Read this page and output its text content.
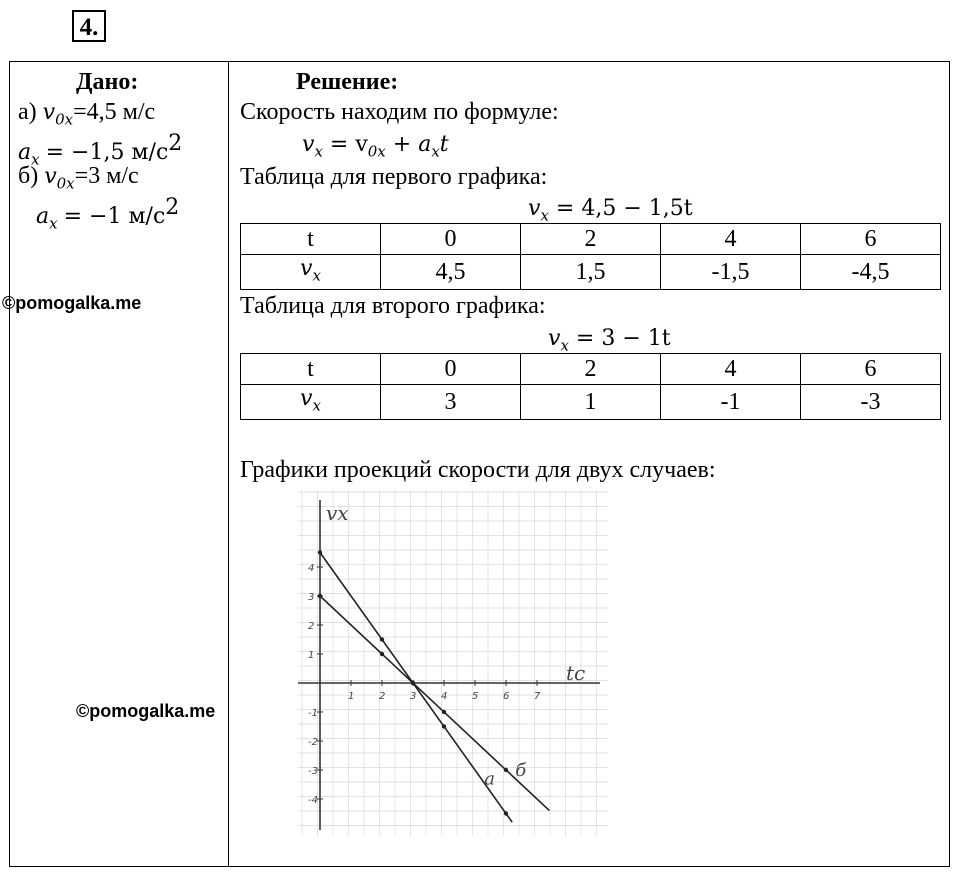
4.
Дано:
а) $v_{0x}=4,5$ м/с
$a_x = -1,5$ $м/с^2$
б) $v_{0x}=3$ м/с
$a_x = -1$ $м/с^2$
©pomogalka.me
©pomogalka.me
Решение:
Скорость находим по формуле:
$v_x = v_{0x} + a_xt$
Таблица для первого графика:
$v_x = 4,5 - 1,5t$
t	0	2	4	6
$v_x$	4,5	1,5	-1,5	-4,5
Таблица для второго графика:
$v_x = 3 - 1t$
t	0	2	4	6
$v_x$	3	1	-1	-3
Графики проекций скорости для двух случаев:
vx
tc
1 2 3 4 5 6 7
4
3
2
1
-1
-2
-3
-4
а б
